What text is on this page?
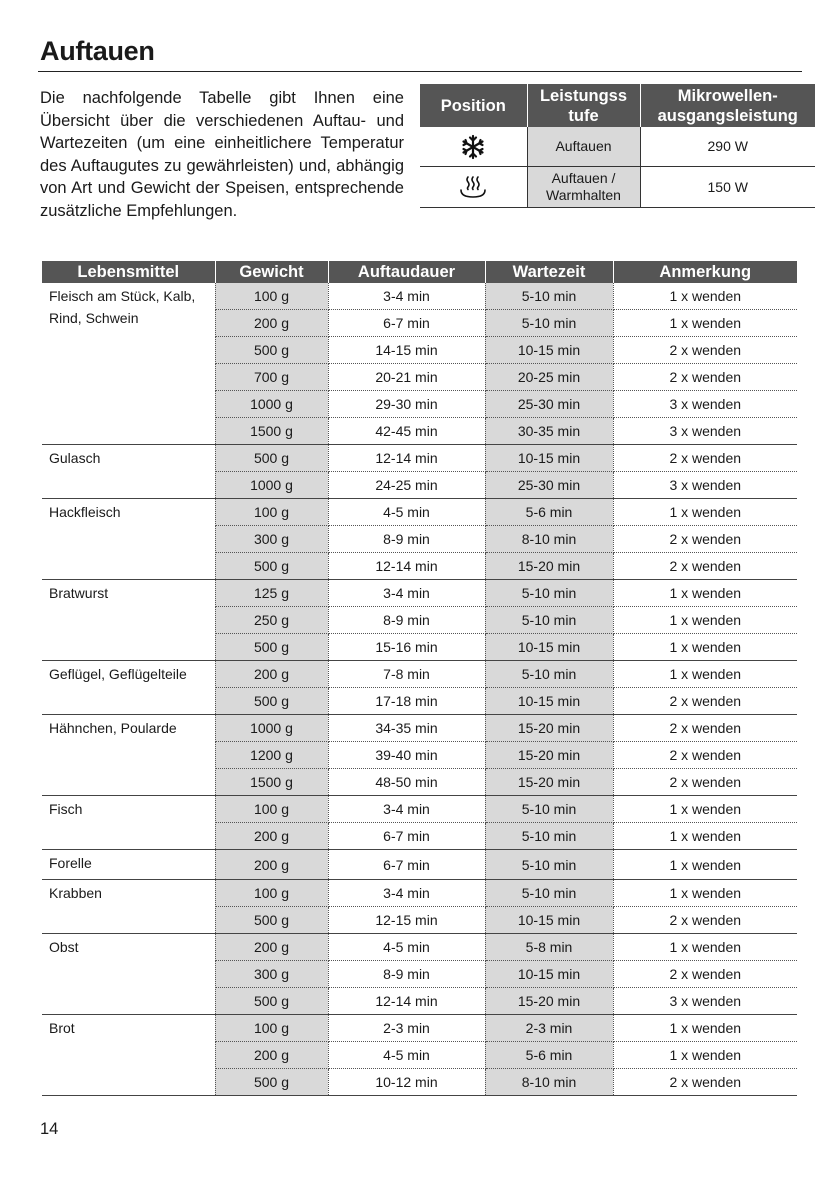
Auftauen

Die nachfolgende Tabelle gibt Ihnen eine Übersicht über die verschiedenen Auftau- und Wartezeiten (um eine einheitlichere Temperatur des Auftaugutes zu gewährleisten) und, abhängig von Art und Gewicht der Speisen, entsprechende zusätzliche Empfehlungen.

Position	Leistungss tufe	Mikrowellen- ausgangsleistung

	Auftauen	290 W

	Auftauen / Warmhalten	150 W
Lebensmittel	Gewicht	Auftaudauer	Wartezeit	Anmerkung
Fleisch am Stück, Kalb, Rind, Schwein	100 g	3-4 min	5-10 min	1 x wenden
	200 g	6-7 min	5-10 min	1 x wenden
	500 g	14-15 min	10-15 min	2 x wenden
	700 g	20-21 min	20-25 min	2 x wenden
	1000 g	29-30 min	25-30 min	3 x wenden
	1500 g	42-45 min	30-35 min	3 x wenden
Gulasch	500 g	12-14 min	10-15 min	2 x wenden
	1000 g	24-25 min	25-30 min	3 x wenden
Hackfleisch	100 g	4-5 min	5-6 min	1 x wenden
	300 g	8-9 min	8-10 min	2 x wenden
	500 g	12-14 min	15-20 min	2 x wenden
Bratwurst	125 g	3-4 min	5-10 min	1 x wenden
	250 g	8-9 min	5-10 min	1 x wenden
	500 g	15-16 min	10-15 min	1 x wenden
Geflügel, Geflügelteile	200 g	7-8 min	5-10 min	1 x wenden
	500 g	17-18 min	10-15 min	2 x wenden
Hähnchen, Poularde	1000 g	34-35 min	15-20 min	2 x wenden
	1200 g	39-40 min	15-20 min	2 x wenden
	1500 g	48-50 min	15-20 min	2 x wenden
Fisch	100 g	3-4 min	5-10 min	1 x wenden
	200 g	6-7 min	5-10 min	1 x wenden
Forelle	200 g	6-7 min	5-10 min	1 x wenden
Krabben	100 g	3-4 min	5-10 min	1 x wenden
	500 g	12-15 min	10-15 min	2 x wenden
Obst	200 g	4-5 min	5-8 min	1 x wenden
	300 g	8-9 min	10-15 min	2 x wenden
	500 g	12-14 min	15-20 min	3 x wenden
Brot	100 g	2-3 min	2-3 min	1 x wenden
	200 g	4-5 min	5-6 min	1 x wenden
	500 g	10-12 min	8-10 min	2 x wenden
14
